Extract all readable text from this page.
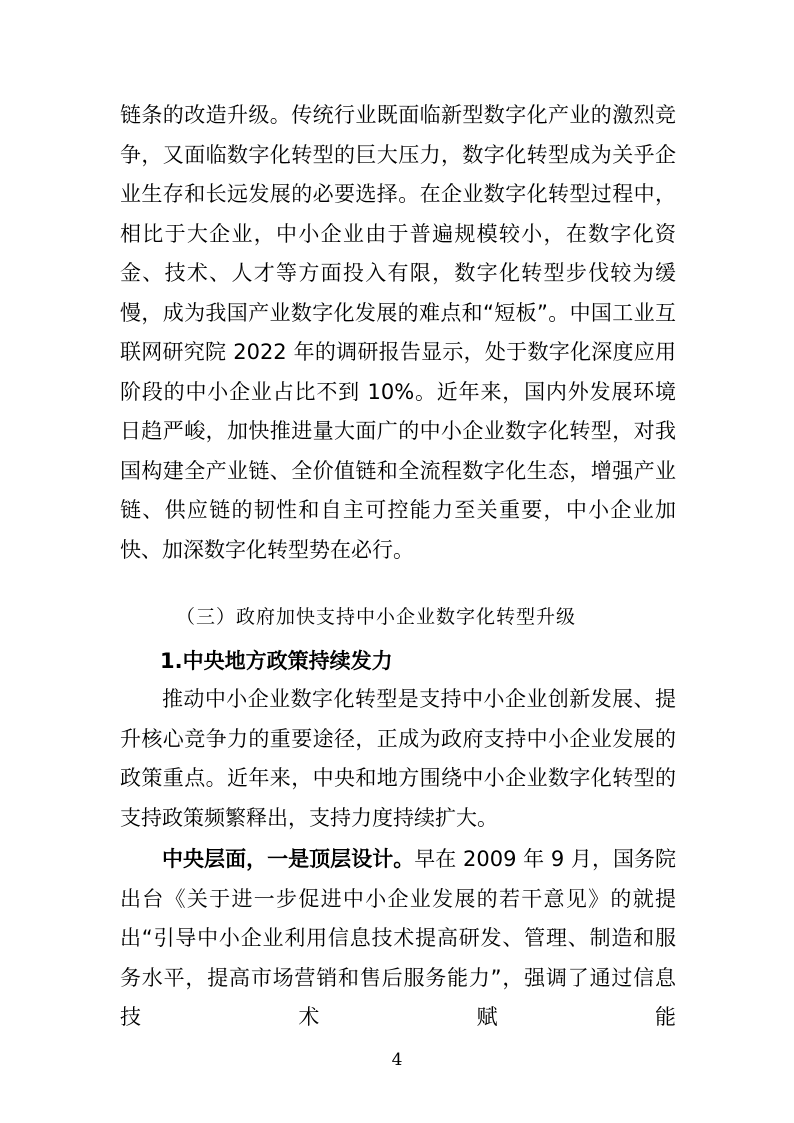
链条的改造升级。传统行业既面临新型数字化产业的激烈竞争，又面临数字化转型的巨大压力，数字化转型成为关乎企业生存和长远发展的必要选择。在企业数字化转型过程中，相比于大企业，中小企业由于普遍规模较小，在数字化资金、技术、人才等方面投入有限，数字化转型步伐较为缓慢，成为我国产业数字化发展的难点和“短板”。中国工业互联网研究院 2022 年的调研报告显示，处于数字化深度应用阶段的中小企业占比不到 10%。近年来，国内外发展环境日趋严峻，加快推进量大面广的中小企业数字化转型，对我国构建全产业链、全价值链和全流程数字化生态，增强产业链、供应链的韧性和自主可控能力至关重要，中小企业加快、加深数字化转型势在必行。
（三）政府加快支持中小企业数字化转型升级
1.中央地方政策持续发力
推动中小企业数字化转型是支持中小企业创新发展、提升核心竞争力的重要途径，正成为政府支持中小企业发展的政策重点。近年来，中央和地方围绕中小企业数字化转型的支持政策频繁释出，支持力度持续扩大。
中央层面，一是顶层设计。早在 2009 年 9 月，国务院出台《关于进一步促进中小企业发展的若干意见》的就提出“引导中小企业利用信息技术提高研发、管理、制造和服务水平，提高市场营销和售后服务能力”，强调了通过信息技术赋能
4
